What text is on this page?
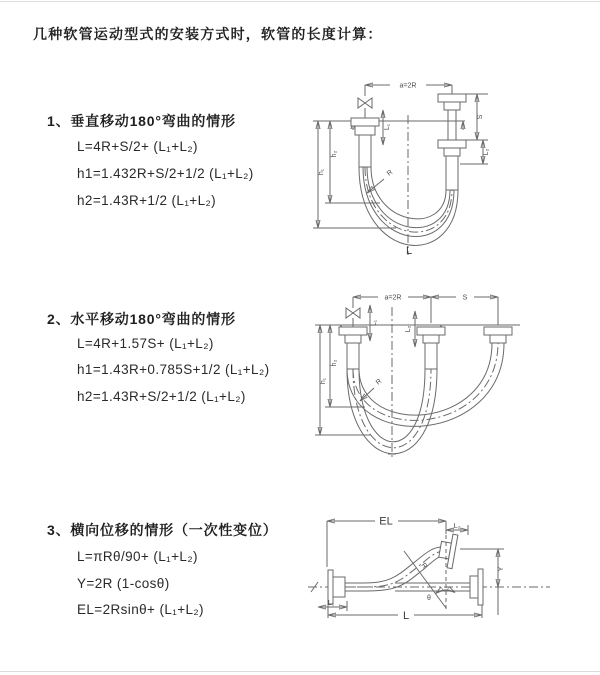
几种软管运动型式的安装方式时，软管的长度计算：
1、垂直移动180°弯曲的情形
L=4R+S/2+ (L₁+L₂)
h1=1.432R+S/2+1/2 (L₁+L₂)
h2=1.43R+1/2 (L₁+L₂)
2、水平移动180°弯曲的情形
L=4R+1.57S+ (L₁+L₂)
h1=1.43R+0.785S+1/2 (L₁+L₂)
h2=1.43R+S/2+1/2 (L₁+L₂)
3、横向位移的情形（一次性变位）
L=πRθ/90+ (L₁+L₂)
Y=2R (1-cosθ)
EL=2Rsinθ+ (L₁+L₂)
a=2R
h₁
h₂
L₁
S
L₂
R
L
a=2R	S
h₁
h₂
L₁
L₂
R
EL	L₂
Y
R
θ
L₁
L
